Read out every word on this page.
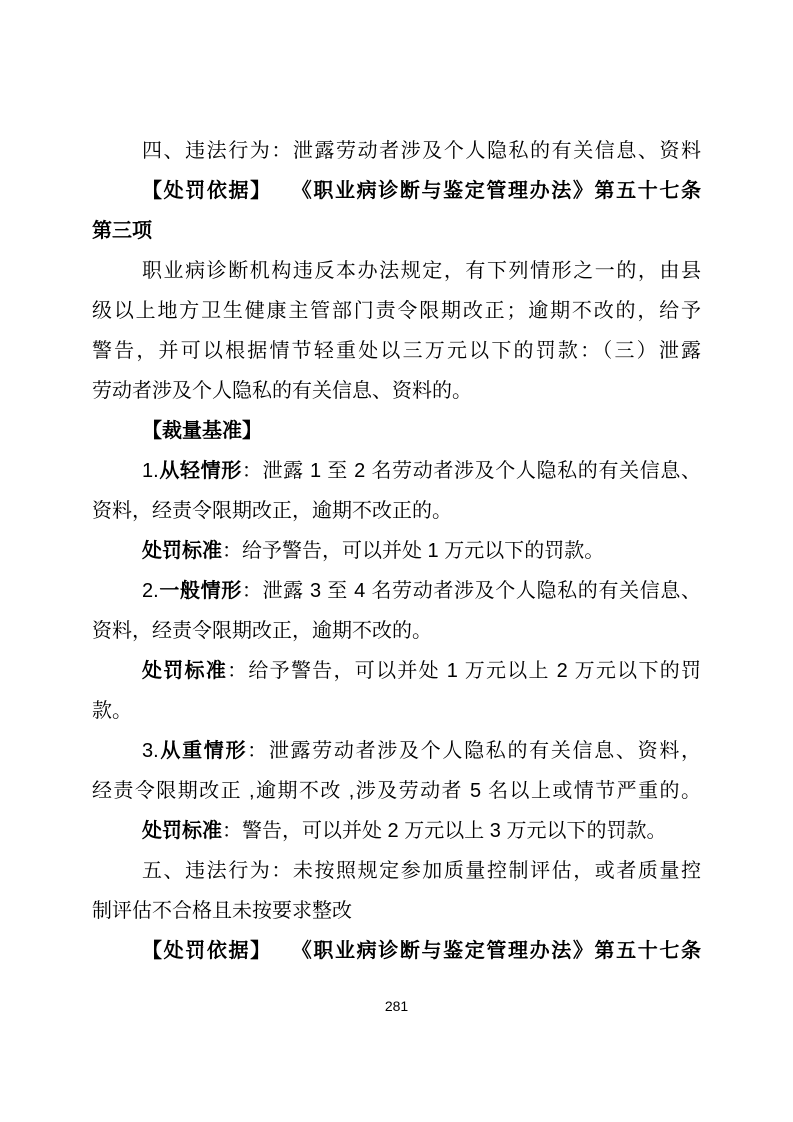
四、违法行为：泄露劳动者涉及个人隐私的有关信息、资料
【处罚依据】 《职业病诊断与鉴定管理办法》第五十七条
第三项
职业病诊断机构违反本办法规定，有下列情形之一的，由县
级以上地方卫生健康主管部门责令限期改正；逾期不改的，给予
警告，并可以根据情节轻重处以三万元以下的罚款：（三）泄露
劳动者涉及个人隐私的有关信息、资料的。
【裁量基准】
1.从轻情形：泄露 1 至 2 名劳动者涉及个人隐私的有关信息、
资料，经责令限期改正，逾期不改正的。
处罚标准：给予警告，可以并处 1 万元以下的罚款。
2.一般情形：泄露 3 至 4 名劳动者涉及个人隐私的有关信息、
资料，经责令限期改正，逾期不改的。
处罚标准：给予警告，可以并处 1 万元以上 2 万元以下的罚
款。
3.从重情形：泄露劳动者涉及个人隐私的有关信息、资料，
经责令限期改正 ,逾期不改 ,涉及劳动者 5 名以上或情节严重的。
处罚标准：警告，可以并处 2 万元以上 3 万元以下的罚款。
五、违法行为：未按照规定参加质量控制评估，或者质量控
制评估不合格且未按要求整改
【处罚依据】 《职业病诊断与鉴定管理办法》第五十七条
281
